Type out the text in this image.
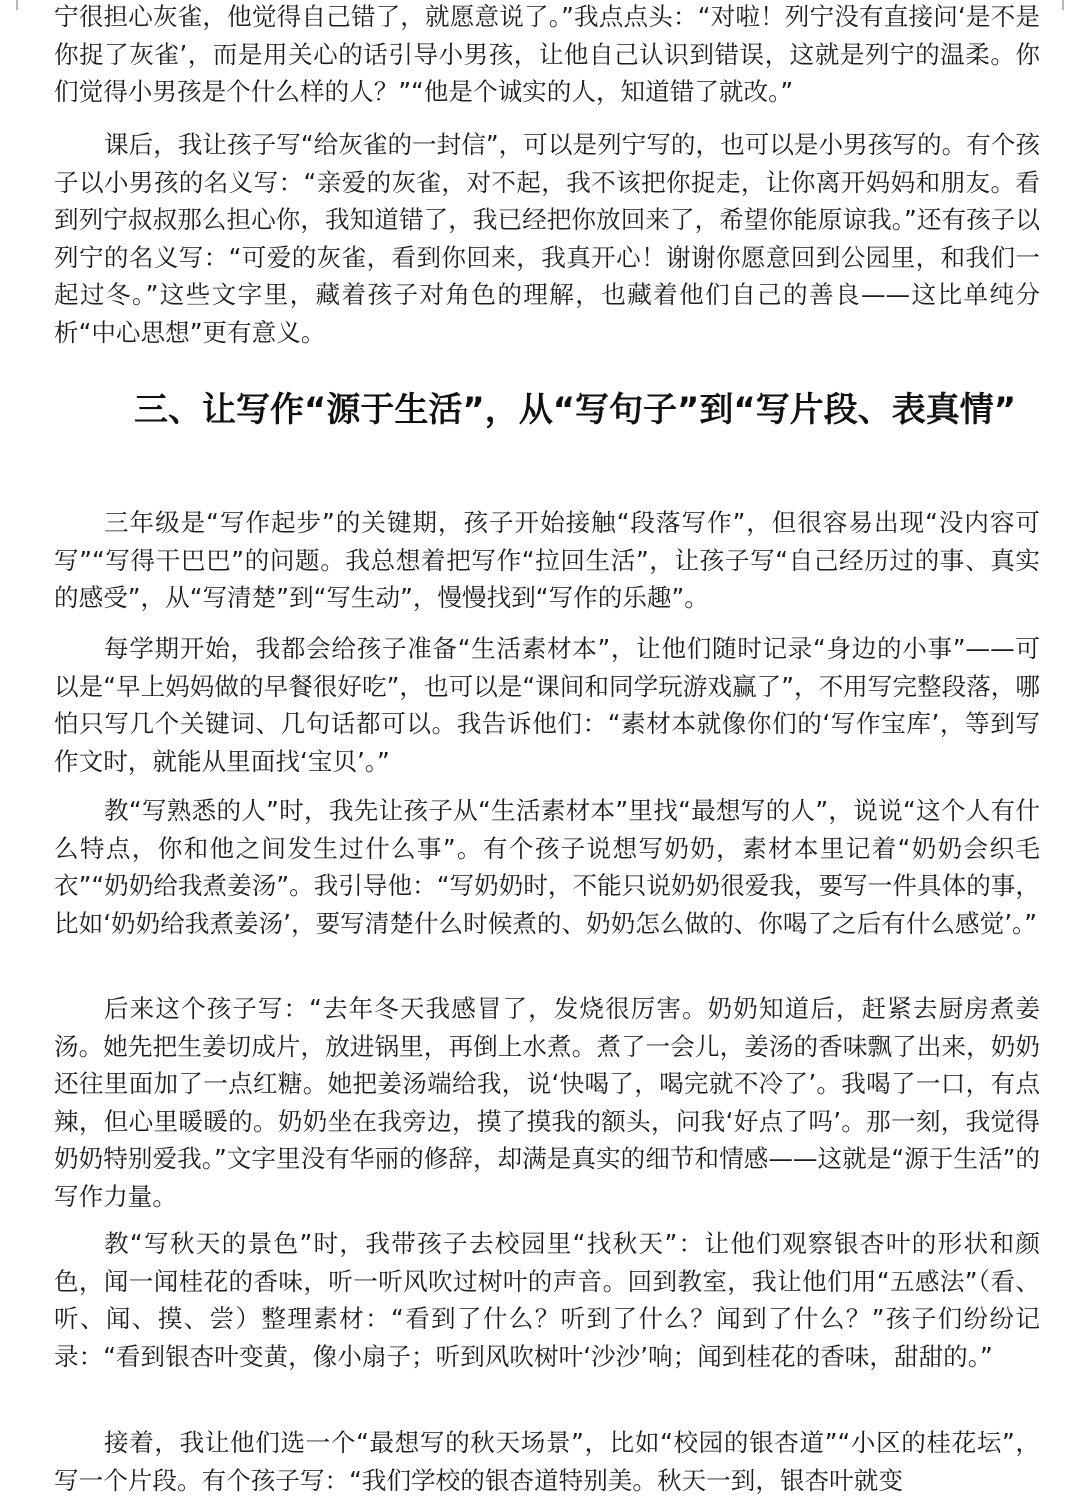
宁很担心灰雀，他觉得自己错了，就愿意说了。”我点点头：“对啦！列宁没有直接问‘是不是你捉了灰雀’，而是用关心的话引导小男孩，让他自己认识到错误，这就是列宁的温柔。你们觉得小男孩是个什么样的人？”“他是个诚实的人，知道错了就改。”

课后，我让孩子写“给灰雀的一封信”，可以是列宁写的，也可以是小男孩写的。有个孩子以小男孩的名义写：“亲爱的灰雀，对不起，我不该把你捉走，让你离开妈妈和朋友。看到列宁叔叔那么担心你，我知道错了，我已经把你放回来了，希望你能原谅我。”还有孩子以列宁的名义写：“可爱的灰雀，看到你回来，我真开心！谢谢你愿意回到公园里，和我们一起过冬。”这些文字里，藏着孩子对角色的理解，也藏着他们自己的善良——这比单纯分析“中心思想”更有意义。

三、让写作“源于生活”，从“写句子”到“写片段、表真情”

三年级是“写作起步”的关键期，孩子开始接触“段落写作”，但很容易出现“没内容可写”“写得干巴巴”的问题。我总想着把写作“拉回生活”，让孩子写“自己经历过的事、真实的感受”，从“写清楚”到“写生动”，慢慢找到“写作的乐趣”。

每学期开始，我都会给孩子准备“生活素材本”，让他们随时记录“身边的小事”——可以是“早上妈妈做的早餐很好吃”，也可以是“课间和同学玩游戏赢了”，不用写完整段落，哪怕只写几个关键词、几句话都可以。我告诉他们：“素材本就像你们的‘写作宝库’，等到写作文时，就能从里面找‘宝贝’。”

教“写熟悉的人”时，我先让孩子从“生活素材本”里找“最想写的人”，说说“这个人有什么特点，你和他之间发生过什么事”。有个孩子说想写奶奶，素材本里记着“奶奶会织毛衣”“奶奶给我煮姜汤”。我引导他：“写奶奶时，不能只说奶奶很爱我，要写一件具体的事，比如‘奶奶给我煮姜汤’，要写清楚什么时候煮的、奶奶怎么做的、你喝了之后有什么感觉’。”

后来这个孩子写：“去年冬天我感冒了，发烧很厉害。奶奶知道后，赶紧去厨房煮姜汤。她先把生姜切成片，放进锅里，再倒上水煮。煮了一会儿，姜汤的香味飘了出来，奶奶还往里面加了一点红糖。她把姜汤端给我，说‘快喝了，喝完就不冷了’。我喝了一口，有点辣，但心里暖暖的。奶奶坐在我旁边，摸了摸我的额头，问我‘好点了吗’。那一刻，我觉得奶奶特别爱我。”文字里没有华丽的修辞，却满是真实的细节和情感——这就是“源于生活”的写作力量。

教“写秋天的景色”时，我带孩子去校园里“找秋天”：让他们观察银杏叶的形状和颜色，闻一闻桂花的香味，听一听风吹过树叶的声音。回到教室，我让他们用“五感法”（看、听、闻、摸、尝）整理素材：“看到了什么？听到了什么？闻到了什么？”孩子们纷纷记录：“看到银杏叶变黄，像小扇子；听到风吹树叶‘沙沙’响；闻到桂花的香味，甜甜的。”

接着，我让他们选一个“最想写的秋天场景”，比如“校园的银杏道”“小区的桂花坛”，写一个片段。有个孩子写：“我们学校的银杏道特别美。秋天一到，银杏叶就变
